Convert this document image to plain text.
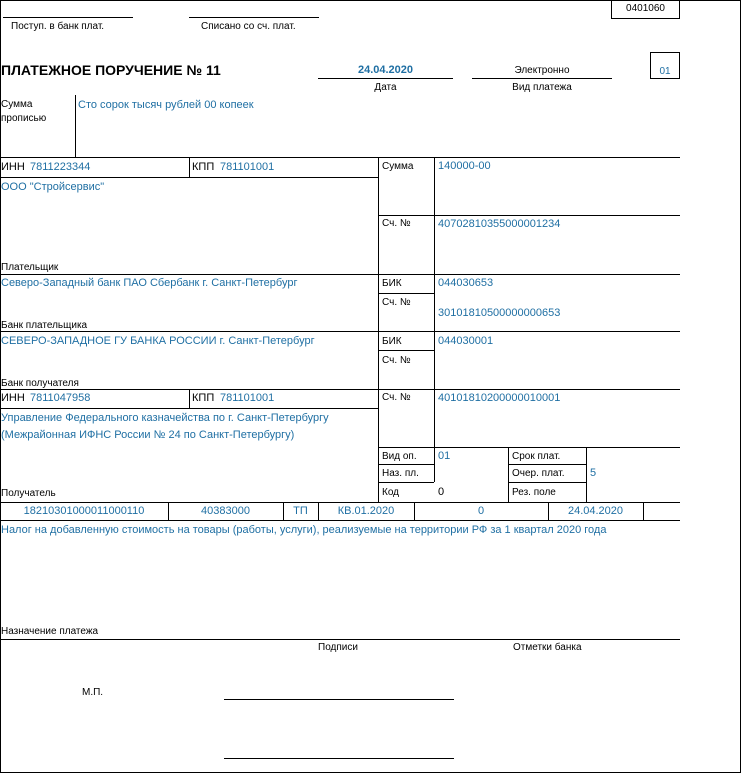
0401060
Поступ. в банк плат.	Списано со сч. плат.
ПЛАТЕЖНОЕ ПОРУЧЕНИЕ № 11	24.04.2020
Дата
Электронно
Вид платежа
01
Сумма
прописью
Сто сорок тысяч рублей 00 копеек
ИНН 7811223344	КПП 781101001
ООО "Стройсервис"
Плательщик
Сумма 140000-00
Сч. № 40702810355000001234
Северо-Западный банк ПАО Сбербанк г. Санкт-Петербург
Банк плательщика
БИК	044030653
Сч. №
30101810500000000653
СЕВЕРО-ЗАПАДНОЕ ГУ БАНКА РОССИИ г. Санкт-Петербург
Банк получателя
БИК	044030001
Сч. №
ИНН 7811047958	КПП 781101001
Управление Федерального казначейства по г. Санкт-Петербургу
(Межрайонная ИФНС России № 24 по Санкт-Петербургу)
Получатель
Сч. № 40101810200000010001
Вид оп. 01
Наз. пл.
Код	0
Срок плат.
Очер. плат. 5
Рез. поле
18210301000011000110	40383000	ТП	КВ.01.2020	0	24.04.2020
Налог на добавленную стоимость на товары (работы, услуги), реализуемые на территории РФ за 1 квартал 2020 года
Назначение платежа
Подписи	Отметки банка
М.П.
